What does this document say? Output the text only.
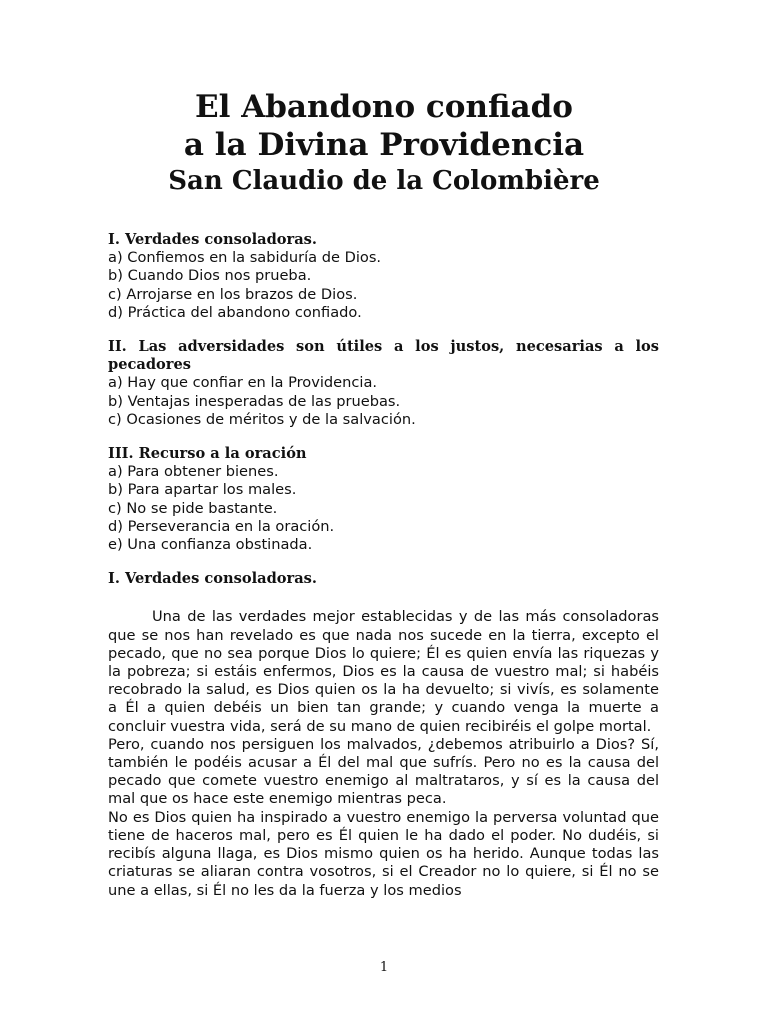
El Abandono confiado
a la Divina Providencia
San Claudio de la Colombière
I. Verdades consoladoras.
a) Confiemos en la sabiduría de Dios.
b) Cuando Dios nos prueba.
c) Arrojarse en los brazos de Dios.
d) Práctica del abandono confiado.
II. Las adversidades son útiles a los justos, necesarias a los pecadores
a) Hay que confiar en la Providencia.
b) Ventajas inesperadas de las pruebas.
c) Ocasiones de méritos y de la salvación.
III. Recurso a la oración
a) Para obtener bienes.
b) Para apartar los males.
c) No se pide bastante.
d) Perseverancia en la oración.
e) Una confianza obstinada.
I. Verdades consoladoras.

Una de las verdades mejor establecidas y de las más consoladoras que se nos han revelado es que nada nos sucede en la tierra, excepto el pecado, que no sea porque Dios lo quiere; Él es quien envía las riquezas y la pobreza; si estáis enfermos, Dios es la causa de vuestro mal; si habéis recobrado la salud, es Dios quien os la ha devuelto; si vivís, es solamente a Él a quien debéis un bien tan grande; y cuando venga la muerte a concluir vuestra vida, será de su mano de quien recibiréis el golpe mortal.

Pero, cuando nos persiguen los malvados, ¿debemos atribuirlo a Dios? Sí, también le podéis acusar a Él del mal que sufrís. Pero no es la causa del pecado que comete vuestro enemigo al maltrataros, y sí es la causa del mal que os hace este enemigo mientras peca.

No es Dios quien ha inspirado a vuestro enemigo la perversa voluntad que tiene de haceros mal, pero es Él quien le ha dado el poder. No dudéis, si recibís alguna llaga, es Dios mismo quien os ha herido. Aunque todas las criaturas se aliaran contra vosotros, si el Creador no lo quiere, si Él no se une a ellas, si Él no les da la fuerza y los medios

1
